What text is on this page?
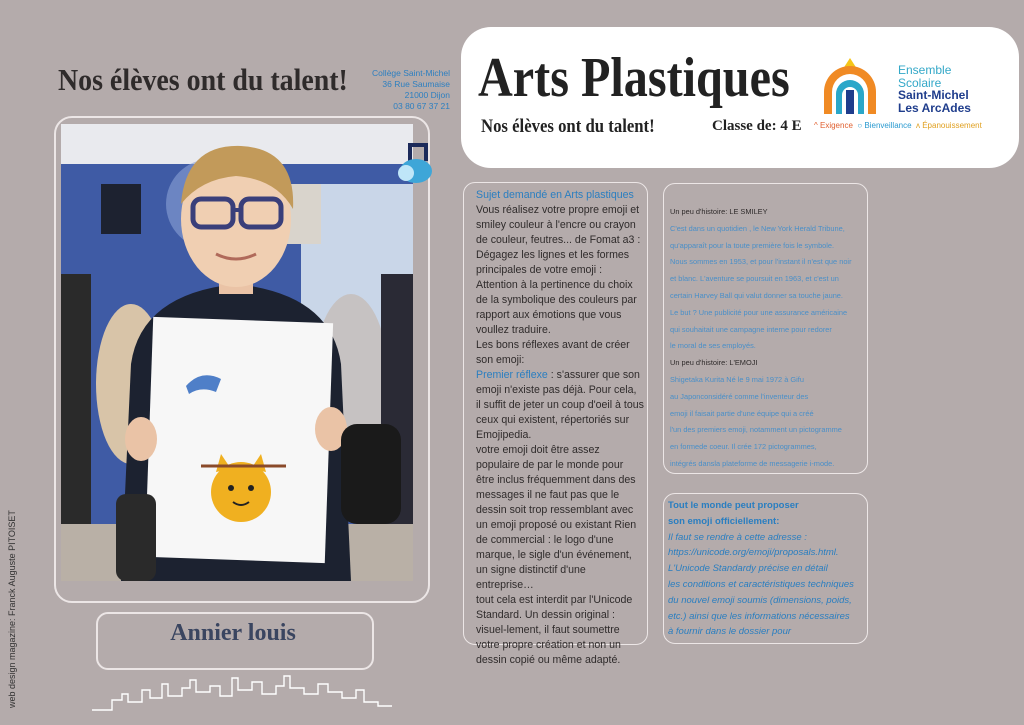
Nos élèves ont du talent!	Collège Saint-Michel
36 Rue Saumaise
21000 Dijon
03 80 67 37 21 Arts Plastiques
Nos élèves ont du talent!	Classe de: 4 E
Ensemble
Scolaire
Saint-Michel
Les ArcAdes
^ Exigence ○ Bienveillance ʌ Épanouissement
Annier louis
web design magazine: Franck Auguste PITOISET

Sujet demandé en Arts plastiques

Vous réalisez votre propre emoji et smiley couleur à l'encre ou crayon de couleur, feutres... de Fomat a3 : Dégagez les lignes et les formes principales de votre emoji : Attention à la pertinence du choix de la symbolique des couleurs par rapport aux émotions que vous voullez traduire.

Les bons réflexes avant de créer son emoji:

Premier réflexe : s'assurer que son emoji n'existe pas déjà. Pour cela, il suffit de jeter un coup d'oeil à tous ceux qui existent, répertoriés sur Emojipedia.

votre emoji doit être assez populaire de par le monde pour être inclus fréquemment dans des messages il ne faut pas que le dessin soit trop ressemblant avec un emoji proposé ou existant Rien de commercial : le logo d'une marque, le sigle d'un événement, un signe distinctif d'une entreprise…

tout cela est interdit par l'Unicode Standard. Un dessin original : visuel-lement, il faut soumettre votre propre création et non un dessin copié ou même adapté.

Un peu d'histoire: LE SMILEY

C'est dans un quotidien , le New York Herald Tribune,

qu'apparaît pour la toute première fois le symbole.

Nous sommes en 1953, et pour l'instant il n'est que noir

et blanc. L'aventure se poursuit en 1963, et c'est un

certain Harvey Ball qui valut donner sa touche jaune.

Le but ? Une publicité pour une assurance américaine

qui souhaitait une campagne interne pour redorer

le moral de ses employés.

Un peu d'histoire: L'EMOJI

Shigetaka Kurita Né le 9 mai 1972 à Gifu

au Japonconsidéré comme l'inventeur des

emoji il faisait partie d'une équipe qui a créé

l'un des premiers emoji, notamment un pictogramme

en formede coeur. Il crée 172 pictogrammes,

intégrés dansla plateforme de messagerie i-mode.

Tout le monde peut proposer

son emoji officiellement:

Il faut se rendre à cette adresse :

https://unicode.org/emoji/proposals.html.

L'Unicode Standardy précise en détail

les conditions et caractéristiques techniques

du nouvel emoji soumis (dimensions, poids,

etc.) ainsi que les informations nécessaires

à fournir dans le dossier pour
